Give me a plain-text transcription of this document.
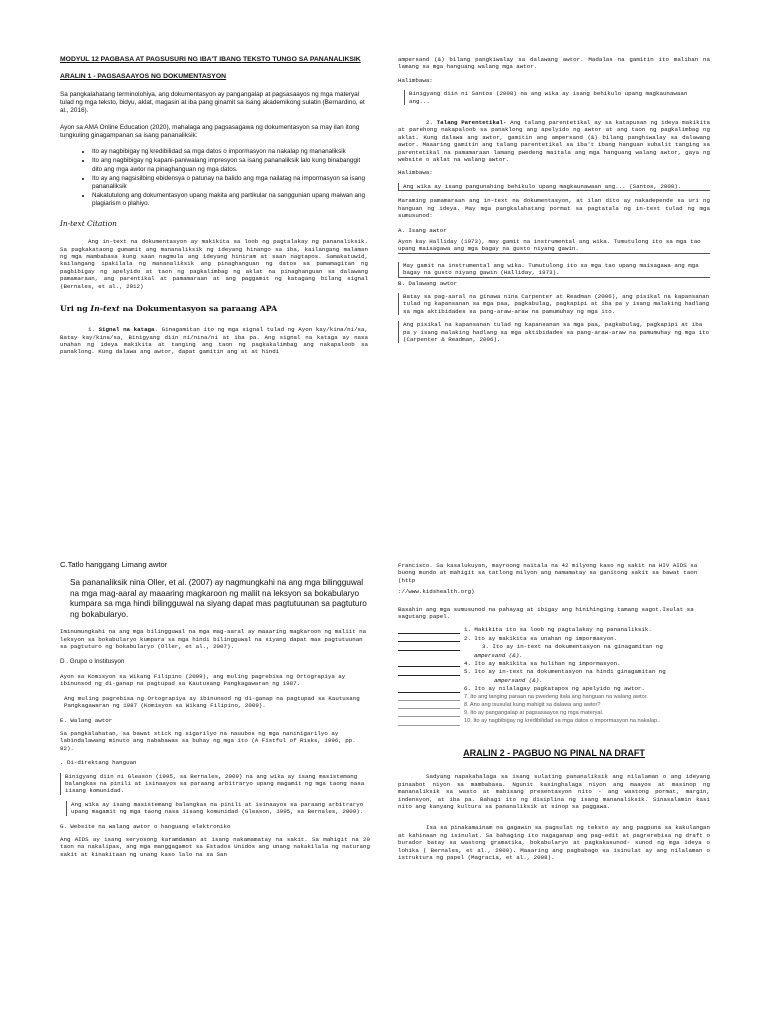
MODYUL 12 PAGBASA AT PAGSUSURI NG IBA'T IBANG TEKSTO TUNGO SA PANANALIKSIK
ARALIN 1 - PAGSASAAYOS NG DOKUMENTASYON

Sa pangkalahatang terminolohiya, ang dokumentasyon ay pangangalap at pagsasaayos ng mga materyal tulad ng mga teksto, bidyu, aklat, magasin at iba pang ginamit sa isang akademikong sulatin (Bernardino, et al., 2016).

Ayon sa AMA Online Education (2020), mahalaga ang pagsasagawa ng dokumentasyon sa may ilan itong tungkuling ginagampanan sa isang pananaliksik:

• Ito ay nagbibigay ng kredibilidad sa mga datos o impormasyon na nakalap ng mananaliksik
• Ito ang nagbibigay ng kapani-paniwalang impresyon sa isang pananaliksik lalo kung binabanggit dito ang mga awtor na pinaghanguan ng mga datos.
• Ito ay ang nagsisilbing ebidensya o patunay na balido ang mga nailatag na impormasyon sa isang pananaliksik
• Nakatutulong ang dokumentasyon upang makita ang partikular na sanggunian upang maiwan ang plagiarism o plahiyo.

In-text Citation

Ang in-text na dokumentasyon ay makikita sa loob ng pagtalakay ng pananaliksik. Sa pagkakataong gumamit ang mananaliksik ng ideyang hinango sa iba, kailangang malaman ng mga mambabasa kung saan nagmula ang ideyang hiniram at saan nagtapos. Samakatuwid, kailangang ipakilala ng mananaliksik ang pinaghanguan ng datos sa pamamagitan ng pagbibigay ng apelyido at taon ng pagkalimbag ng aklat na pinaghanguan sa dalawang pamamaraan, ang parentikal at pamamaraan at ang paggamit ng katagang bilang signal (Bernales, et al., 2012)

Uri ng In-text na Dokumentasyon sa paraang APA

1. Signal na kataga. Ginagamitan ito ng mga signal tulad ng Ayon kay/kina/ni/sa, Batay kay/kina/sa, Binigyang diin ni/nina/ni at iba pa. Ang signal na kataga ay nasa unahan ng ideya makikita at tanging ang taon ng pagkakalimbag ang nakapaloob sa panaklong. Kung dalawa ang awtor, dapat gamitin ang at at hindi

ampersand (&) bilang pangkiwalay sa dalawang awtor. Madalas na gamitin ito maliban na lamang sa mga hanguang walang mga awtor.

Halimbawa:

Binigyang diin ni Santos (2008) na ang wika ay isang behikulo upang magkaunawaan ang...

2. Talang Parentetikal- Ang talang parentetikal ay sa katapusan ng ideya makikita at parehong nakapaloob sa panaklong ang apelyido ng awtor at ang taon ng pagkalimbag ng aklat. Kung dalawa ang awtor, gamitin ang ampersand (&) bilang panghiwalay sa dalawang awtor. Maaaring gamitin ang talang parentetikal sa iba't ibang hanguan subalit tanging sa parentetikal na pamamaraan lamang pwedeng maitala ang mga hanguang walang awtor, gaya ng website o aklat na walang awtor.

Halimbawa:

Ang wika ay isang pangunahing behikulo upang magkaunawaan ang... (Santos, 2008).

Maraming pamamaraan ang in-text na dokumentasyon, at ilan dito ay nakadepende sa uri ng hanguan ng ideya. May mga pangkalahatang pormat sa pagtatala ng in-text tulad ng mga sumusunod:

A. Isang awtor

Ayon kay Halliday (1973), may gamit na instrumental ang wika. Tumutulong ito sa mga tao upang maisagawa ang mga bagay na gusto niyang gawin.

May gamit na instrumental ang wika. Tumutulong ito sa mga tao upang maisagawa ang mga bagay na gusto niyang gawin (Halliday, 1973).

B. Dalawang awtor

Batay sa pag-aaral na ginawa nina Carpenter at Readman (2006), ang pisikal na kapansanan tulad ng kapansanan sa mga paa, pagkabulag, pagkapipi at iba pa y isang malaking hadlang sa mga aktibidades sa pang-araw-araw na pamumuhay ng mga ito.

Ang pisikal na kapansanan tulad ng kapansanan sa mga paa, pagkabulag, pagkapipi at iba pa y isang malaking hadlang sa mga aktibidades sa pang-araw-araw na pamumuhay ng mga ito (Carpenter & Readman, 2006).

C.Tatlo hanggang Limang awtor

Sa pananaliksik nina Oller, et al. (2007) ay nagmungkahi na ang mga bilingguwal na mga mag-aaral ay maaaring magkaroon ng maliit na leksyon sa bokabularyo kumpara sa mga hindi bilingguwal na siyang dapat mas pagtutuunan sa pagtuturo ng bokabularyo.

Iminumungkahi na ang mga bilingguwal na mga mag-aaral ay maaaring magkaroon ng maliit na leksyon sa bokabularyo kumpara sa mga hindi bilingguwal na siyang dapat mas pagtutuunan sa pagtuturo ng bokabularyo (Oller, et al., 2007).

D . Grupo o Institusyon

Ayon sa Komisyon sa Wikang Filipino (2009), ang muling pagrebisa ng Ortograpiya ay ibinunsod ng di-ganap na pagtupad sa Kautusang Pangkagawaran ng 1987.

Ang muling pagrebisa ng Ortograpiya ay ibinunsod ng di-ganap na pagtupad sa Kautusang Pangkagawaran ng 1987 (Komisyon sa Wikang Filipino, 2009).

E. Walang awtor

Sa pangkalahatan, sa bawat stick ng sigarilyo na nauubos ng mga naninigarilyo ay labindalawang minuto ang nababawas sa buhay ng mga ito (A Fistful of Risks, 1996, pp. 82).

. Di-direktang hanguan

Binigyang diin ni Gleason (1995, sa Bernales, 2009) na ang wika ay isang masistemang balangkas na pinili at isinaayos sa paraang arbitraryo upang magamit ng mga taong nasa iisang komunidad.

Ang wika ay isang masistemang balangkas na pinili at isinaayos sa paraang arbitraryo upang magamit ng mga taong nasa iisang komunidad (Gleason, 1995, sa Bernales, 2009).

G. Website na walang awtor o hanguang elektroniko

Ang AIDS ay isang seryosong karamdaman at isang nakamamatay na sakit. Sa mahigit na 20 taon na nakalipas, ang mga manggagamot sa Estados Unidos ang unang nakakilala ng naturang sakit at kinakitaan ng unang kaso lalo na sa San

Francisco. Sa kasalukuyan, mayroong naitala na 42 milyong kaso ng sakit na HIV AIDS sa buong mundo at mahigit sa tatlong milyon ang namamatay sa ganitong sakit sa bawat taon (http

://www.kidshealth.org)

Basahin ang mga sumusunod na pahayag at ibigay ang hinihinging tamang sagot.Isulat sa sagutang papel.

1. Makikita ito sa loob ng pagtalakay ng pananaliksik.
2. Ito ay makikita sa unahan ng impormasyon.
3. Ito ay in-text na dokumentasyon na ginagamitan ng
ampersand (&).
4. Ito ay makikita sa hulihan ng impormasyon.
5. Ito ay in-text na dokumentasyon na hindi ginagamitan ng
ampersand (&).
6. Ito ay nilalagay pagkatapos ng apelyido ng awtor.
7. Ito ang tanging paraan na pwedeng itala ang hanguan na walang awtor.
8. Ano ang isusulat kung mahigit sa dalawa ang awtor?
9. Ito ay pangangalap at pagsasaayos ng mga materyal.
10. Ito ay nagbibigay ng kredibilidad sa mga datos o impormasyon na nakalap..
ARALIN 2 - PAGBUO NG PINAL NA DRAFT

Sadyang napakahalaga sa isang sulating pananaliksik ang nilalaman o ang ideyang pinaabot niyon sa mambabasa. Ngunit kasinghalaga niyon ang maayos at masinop ng mananaliksik sa wasto at mabisang presentasyon nito - ang wastong pormat, margin, indensyon, at iba pa. Bahagi ito ng disiplina ng isang mananaliksik. Sinasalamin kasi nito ang kanyang kultura sa pananaliksik at sinop sa paggawa.

Isa sa pinakamainam na gagawin sa pagsulat ng teksto ay ang pagpuna sa kakulangan at kahinaan ng isinulat. Sa bahaging ito nagaganap ang pag-edit at pagrerebisa ng draft o burador batay sa wastong gramatika, bokabularyo at pagkakasunod- sunod ng mga ideya o lohika ( Bernales, et al., 2009). Maaaring ang pagbabago sa isinulat ay ang nilalaman o istruktura ng papel (Magracia, et al., 2008).
